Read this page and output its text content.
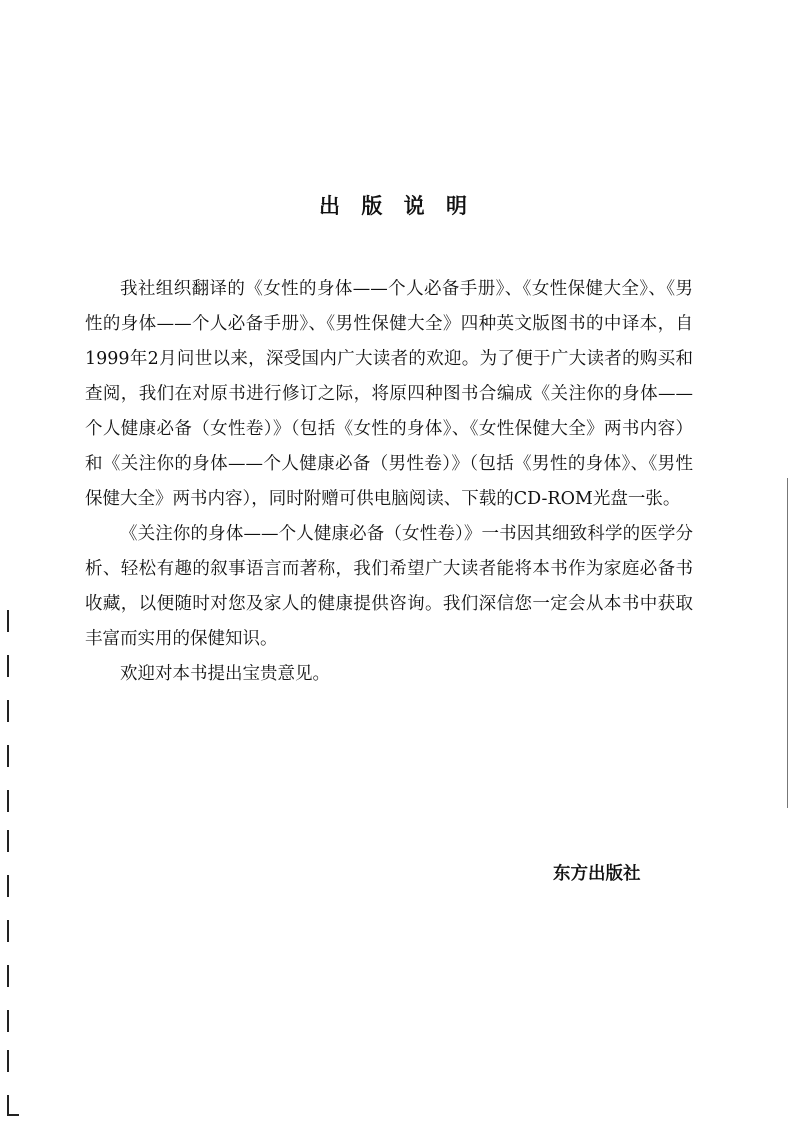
出 版 说 明

我社组织翻译的《女性的身体——个人必备手册》、《女性保健大全》、《男性的身体——个人必备手册》、《男性保健大全》四种英文版图书的中译本，自1999年2月问世以来，深受国内广大读者的欢迎。为了便于广大读者的购买和查阅，我们在对原书进行修订之际，将原四种图书合编成《关注你的身体——个人健康必备（女性卷）》（包括《女性的身体》、《女性保健大全》两书内容）和《关注你的身体——个人健康必备（男性卷）》（包括《男性的身体》、《男性保健大全》两书内容），同时附赠可供电脑阅读、下载的CD-ROM光盘一张。

《关注你的身体——个人健康必备（女性卷）》一书因其细致科学的医学分析、轻松有趣的叙事语言而著称，我们希望广大读者能将本书作为家庭必备书收藏，以便随时对您及家人的健康提供咨询。我们深信您一定会从本书中获取丰富而实用的保健知识。

欢迎对本书提出宝贵意见。

东方出版社
